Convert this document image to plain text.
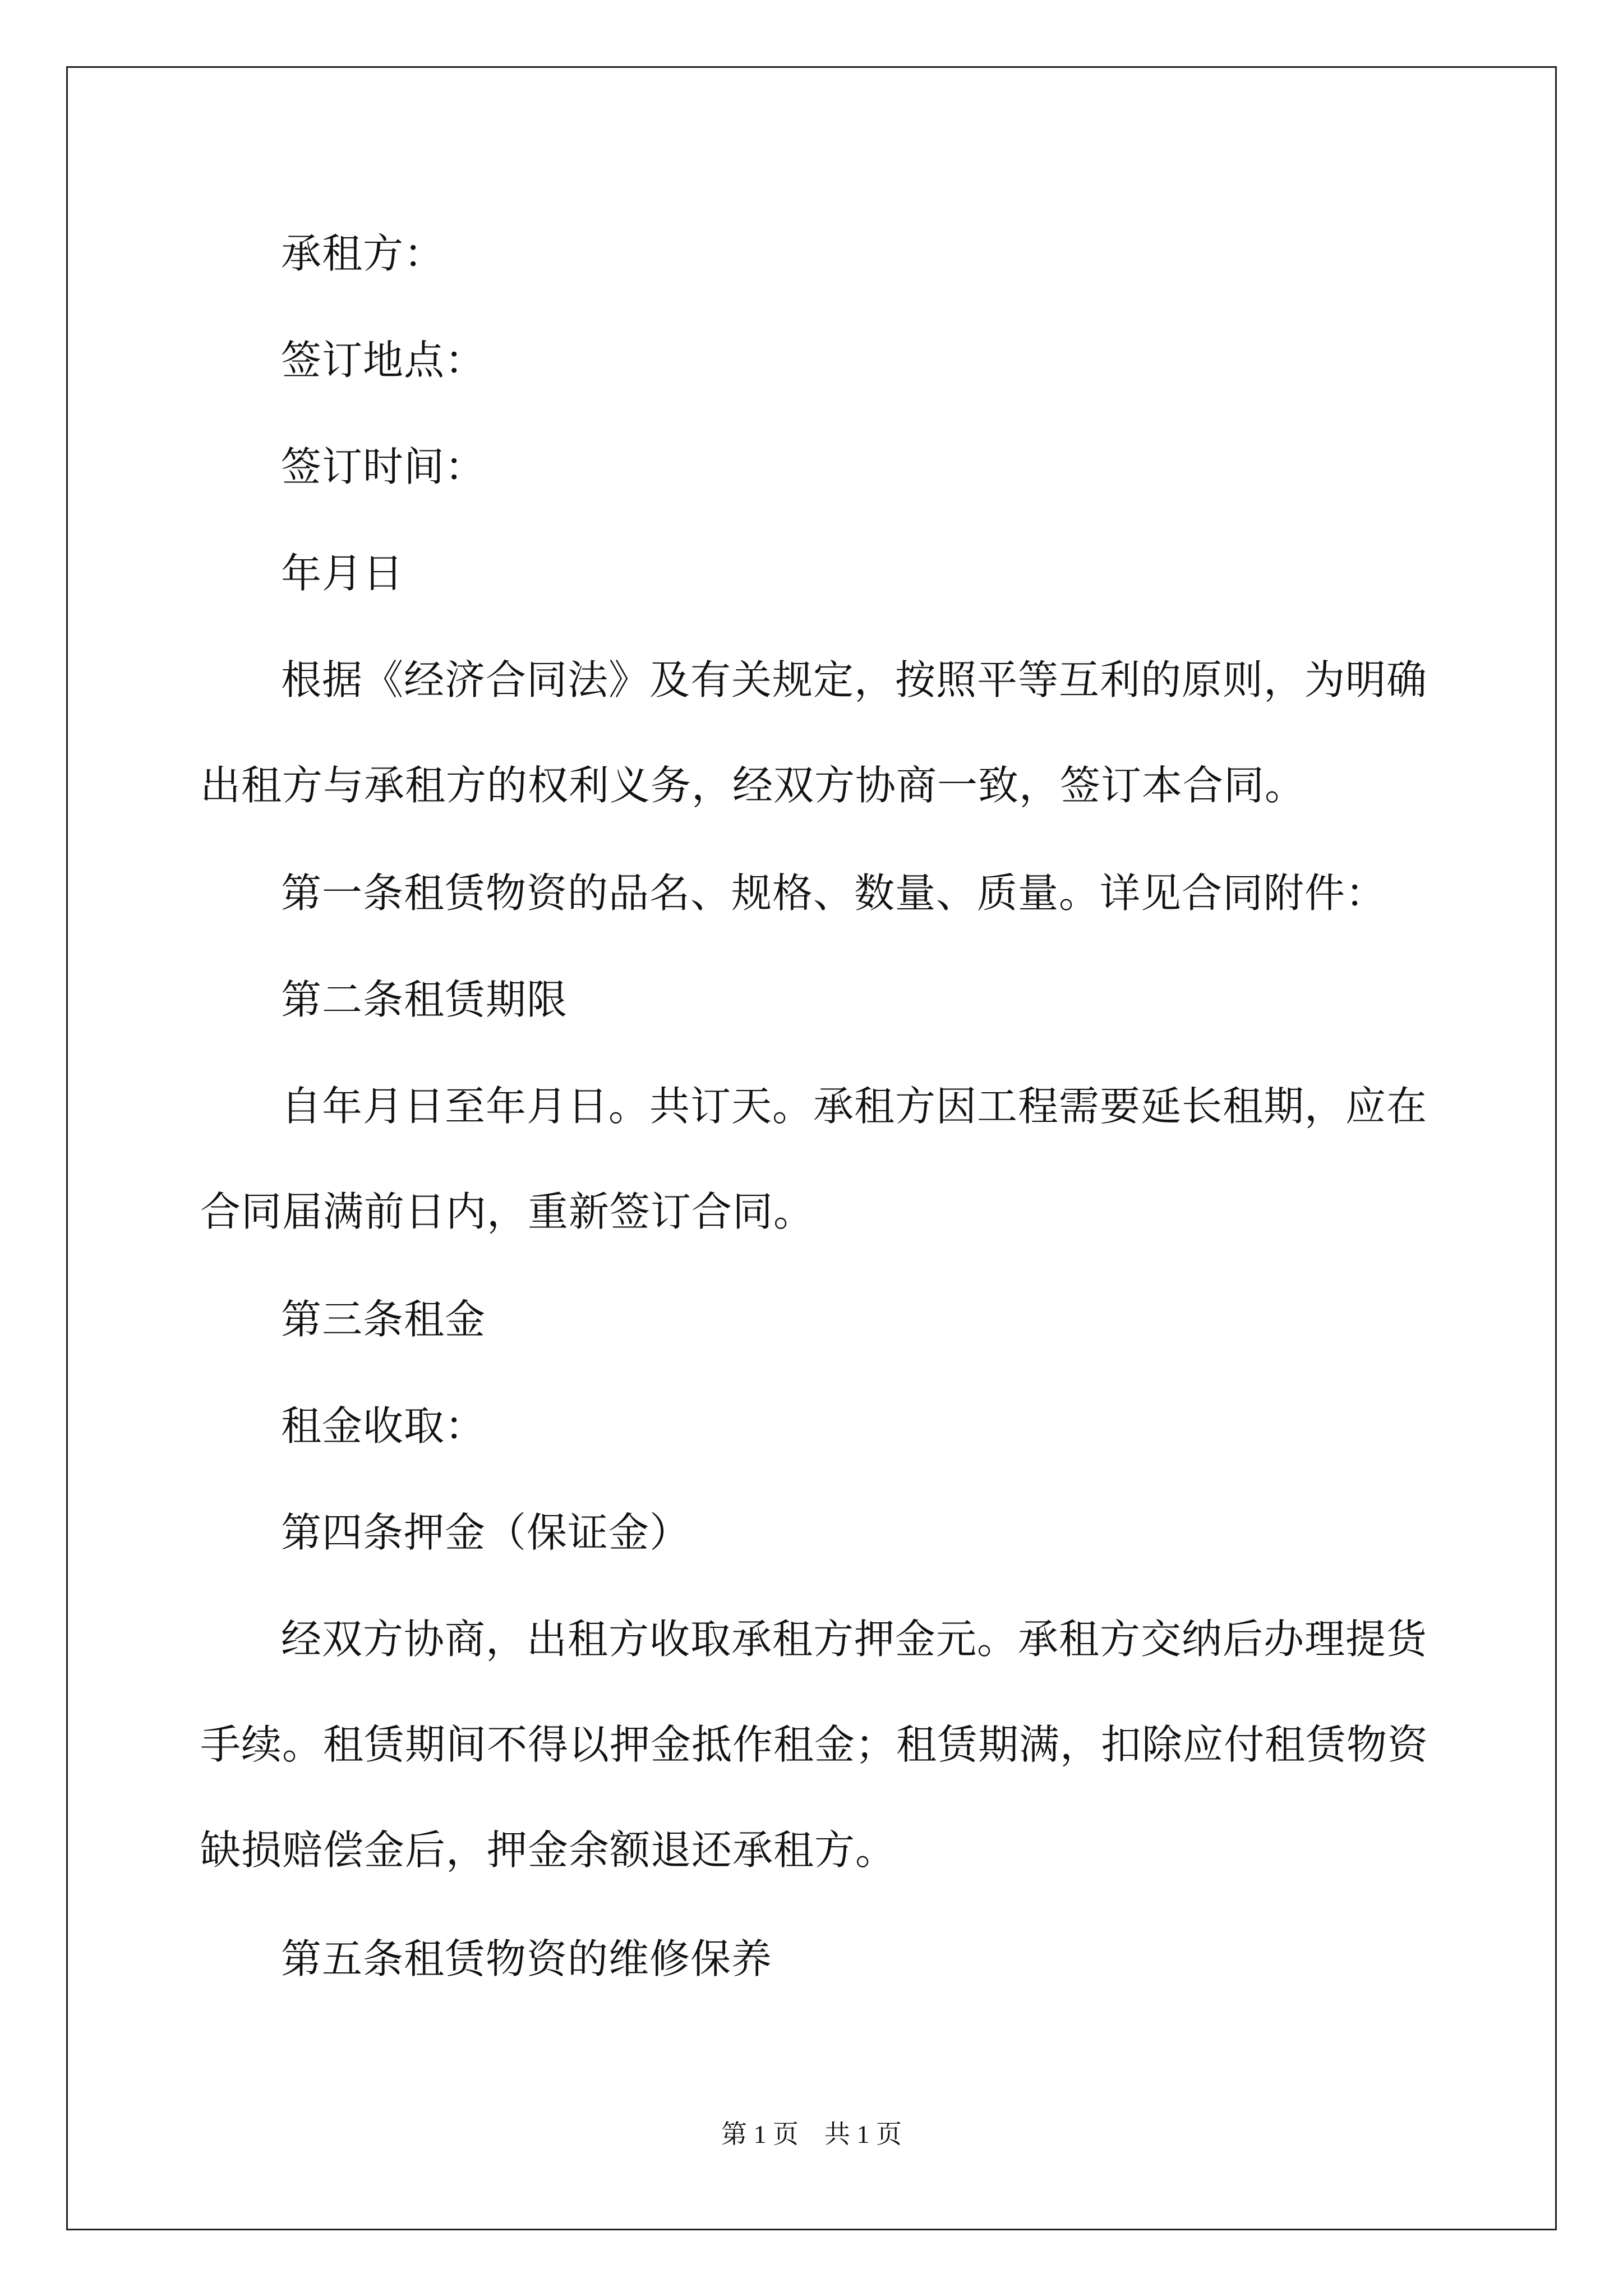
承租方：
签订地点：
签订时间：
年月日
根据《经济合同法》及有关规定，按照平等互利的原则，为明确出租方与承租方的权利义务，经双方协商一致，签订本合同。
第一条租赁物资的品名、规格、数量、质量。详见合同附件：
第二条租赁期限
自年月日至年月日。共订天。承租方因工程需要延长租期，应在合同届满前日内，重新签订合同。
第三条租金
租金收取：
第四条押金（保证金）
经双方协商，出租方收取承租方押金元。承租方交纳后办理提货手续。租赁期间不得以押金抵作租金；租赁期满，扣除应付租赁物资缺损赔偿金后，押金余额退还承租方。
第五条租赁物资的维修保养
第 1 页　共 1 页
